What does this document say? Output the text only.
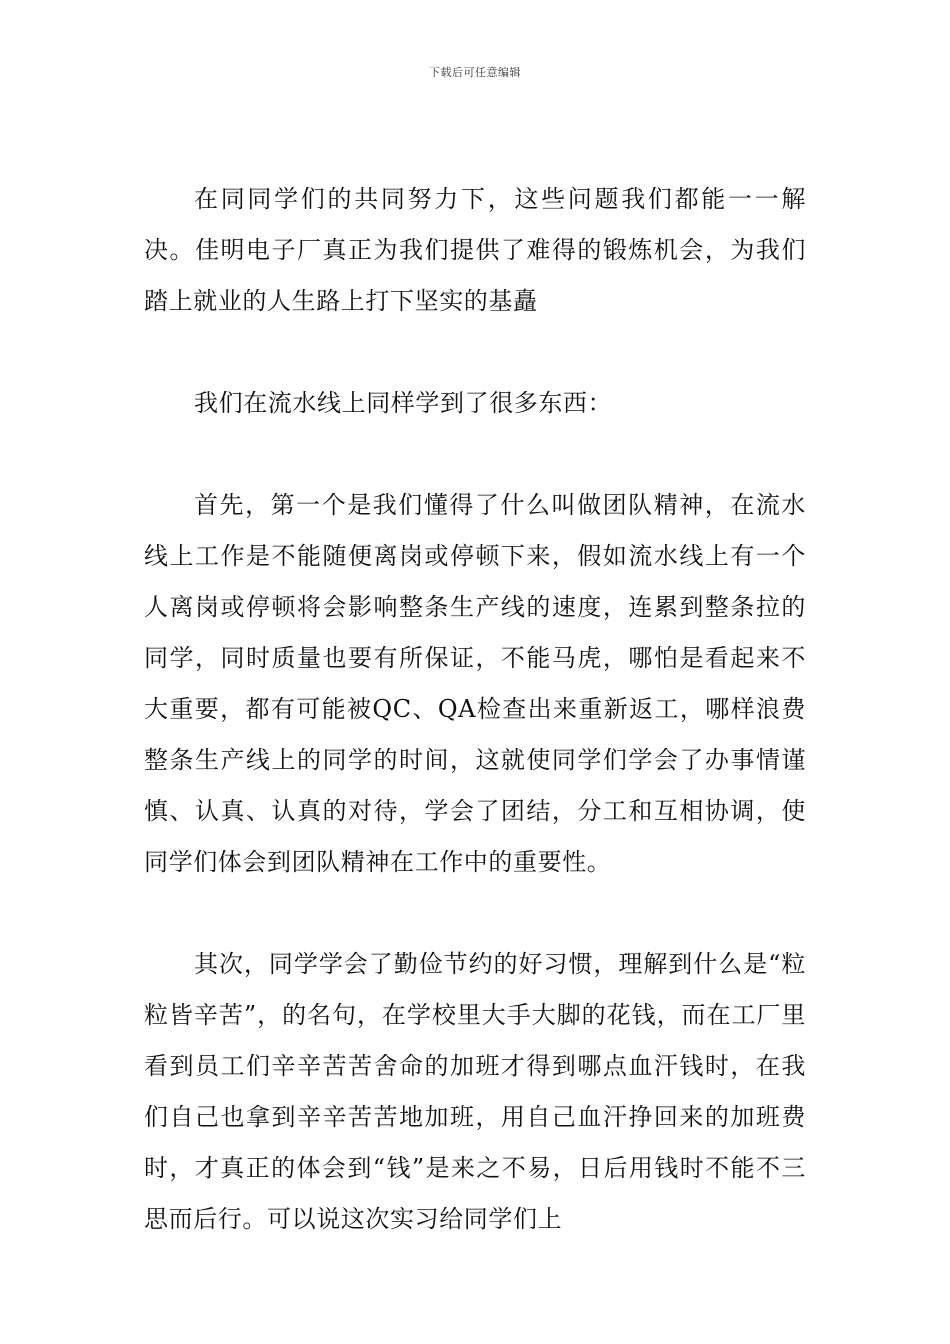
下载后可任意编辑

在同同学们的共同努力下，这些问题我们都能一一解决。佳明电子厂真正为我们提供了难得的锻炼机会，为我们踏上就业的人生路上打下坚实的基矗

我们在流水线上同样学到了很多东西：

首先，第一个是我们懂得了什么叫做团队精神，在流水线上工作是不能随便离岗或停顿下来，假如流水线上有一个人离岗或停顿将会影响整条生产线的速度，连累到整条拉的同学，同时质量也要有所保证，不能马虎，哪怕是看起来不大重要，都有可能被QC、QA检查出来重新返工，哪样浪费整条生产线上的同学的时间，这就使同学们学会了办事情谨慎、认真、认真的对待，学会了团结，分工和互相协调，使同学们体会到团队精神在工作中的重要性。

其次，同学学会了勤俭节约的好习惯，理解到什么是“粒粒皆辛苦”，的名句，在学校里大手大脚的花钱，而在工厂里看到员工们辛辛苦苦舍命的加班才得到哪点血汗钱时，在我们自己也拿到辛辛苦苦地加班，用自己血汗挣回来的加班费时，才真正的体会到“钱”是来之不易，日后用钱时不能不三思而后行。可以说这次实习给同学们上
